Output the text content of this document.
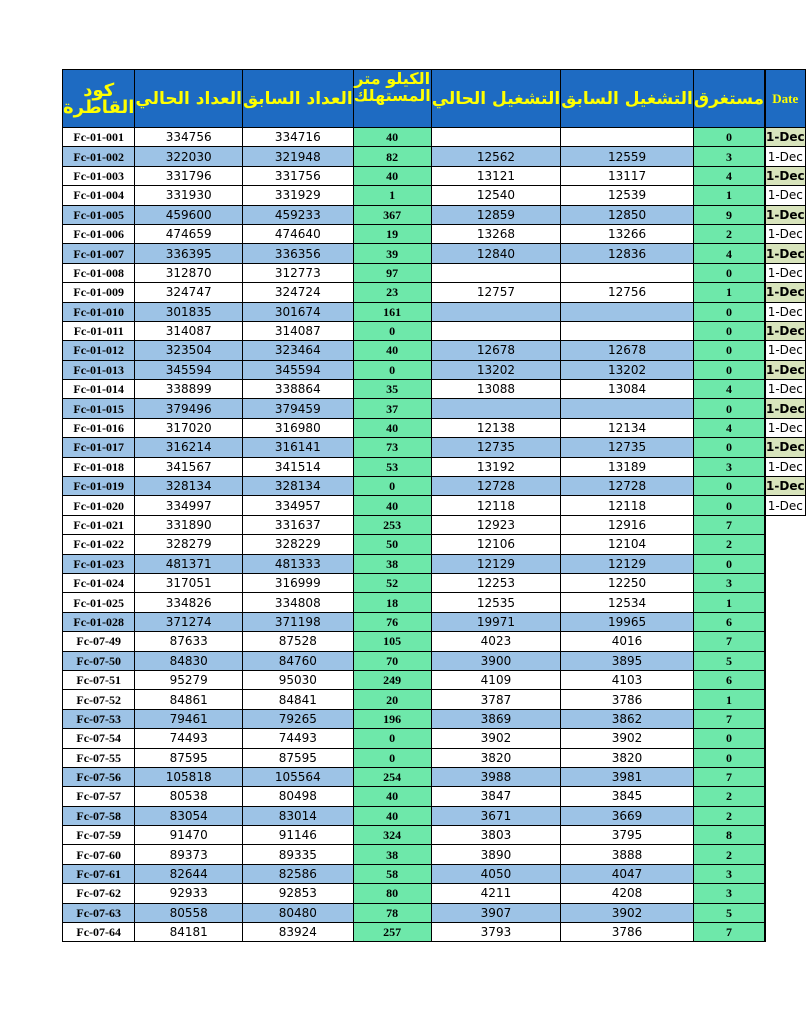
كود القاطرة	العداد الحالي	العداد السابق	الكيلو متر المستهلك	التشغيل الحالي	التشغيل السابق	مستغرق		Date
Fc-01-001	334756	334716	40			0		1-Dec
Fc-01-002	322030	321948	82	12562	12559	3		1-Dec
Fc-01-003	331796	331756	40	13121	13117	4		1-Dec
Fc-01-004	331930	331929	1	12540	12539	1		1-Dec
Fc-01-005	459600	459233	367	12859	12850	9		1-Dec
Fc-01-006	474659	474640	19	13268	13266	2		1-Dec
Fc-01-007	336395	336356	39	12840	12836	4		1-Dec
Fc-01-008	312870	312773	97			0		1-Dec
Fc-01-009	324747	324724	23	12757	12756	1		1-Dec
Fc-01-010	301835	301674	161			0		1-Dec
Fc-01-011	314087	314087	0			0		1-Dec
Fc-01-012	323504	323464	40	12678	12678	0		1-Dec
Fc-01-013	345594	345594	0	13202	13202	0		1-Dec
Fc-01-014	338899	338864	35	13088	13084	4		1-Dec
Fc-01-015	379496	379459	37			0		1-Dec
Fc-01-016	317020	316980	40	12138	12134	4		1-Dec
Fc-01-017	316214	316141	73	12735	12735	0		1-Dec
Fc-01-018	341567	341514	53	13192	13189	3		1-Dec
Fc-01-019	328134	328134	0	12728	12728	0		1-Dec
Fc-01-020	334997	334957	40	12118	12118	0		1-Dec
Fc-01-021	331890	331637	253	12923	12916	7		
Fc-01-022	328279	328229	50	12106	12104	2		
Fc-01-023	481371	481333	38	12129	12129	0		
Fc-01-024	317051	316999	52	12253	12250	3		
Fc-01-025	334826	334808	18	12535	12534	1		
Fc-01-028	371274	371198	76	19971	19965	6		
Fc-07-49	87633	87528	105	4023	4016	7		
Fc-07-50	84830	84760	70	3900	3895	5		
Fc-07-51	95279	95030	249	4109	4103	6		
Fc-07-52	84861	84841	20	3787	3786	1		
Fc-07-53	79461	79265	196	3869	3862	7		
Fc-07-54	74493	74493	0	3902	3902	0		
Fc-07-55	87595	87595	0	3820	3820	0		
Fc-07-56	105818	105564	254	3988	3981	7		
Fc-07-57	80538	80498	40	3847	3845	2		
Fc-07-58	83054	83014	40	3671	3669	2		
Fc-07-59	91470	91146	324	3803	3795	8		
Fc-07-60	89373	89335	38	3890	3888	2		
Fc-07-61	82644	82586	58	4050	4047	3		
Fc-07-62	92933	92853	80	4211	4208	3		
Fc-07-63	80558	80480	78	3907	3902	5		
Fc-07-64	84181	83924	257	3793	3786	7		
